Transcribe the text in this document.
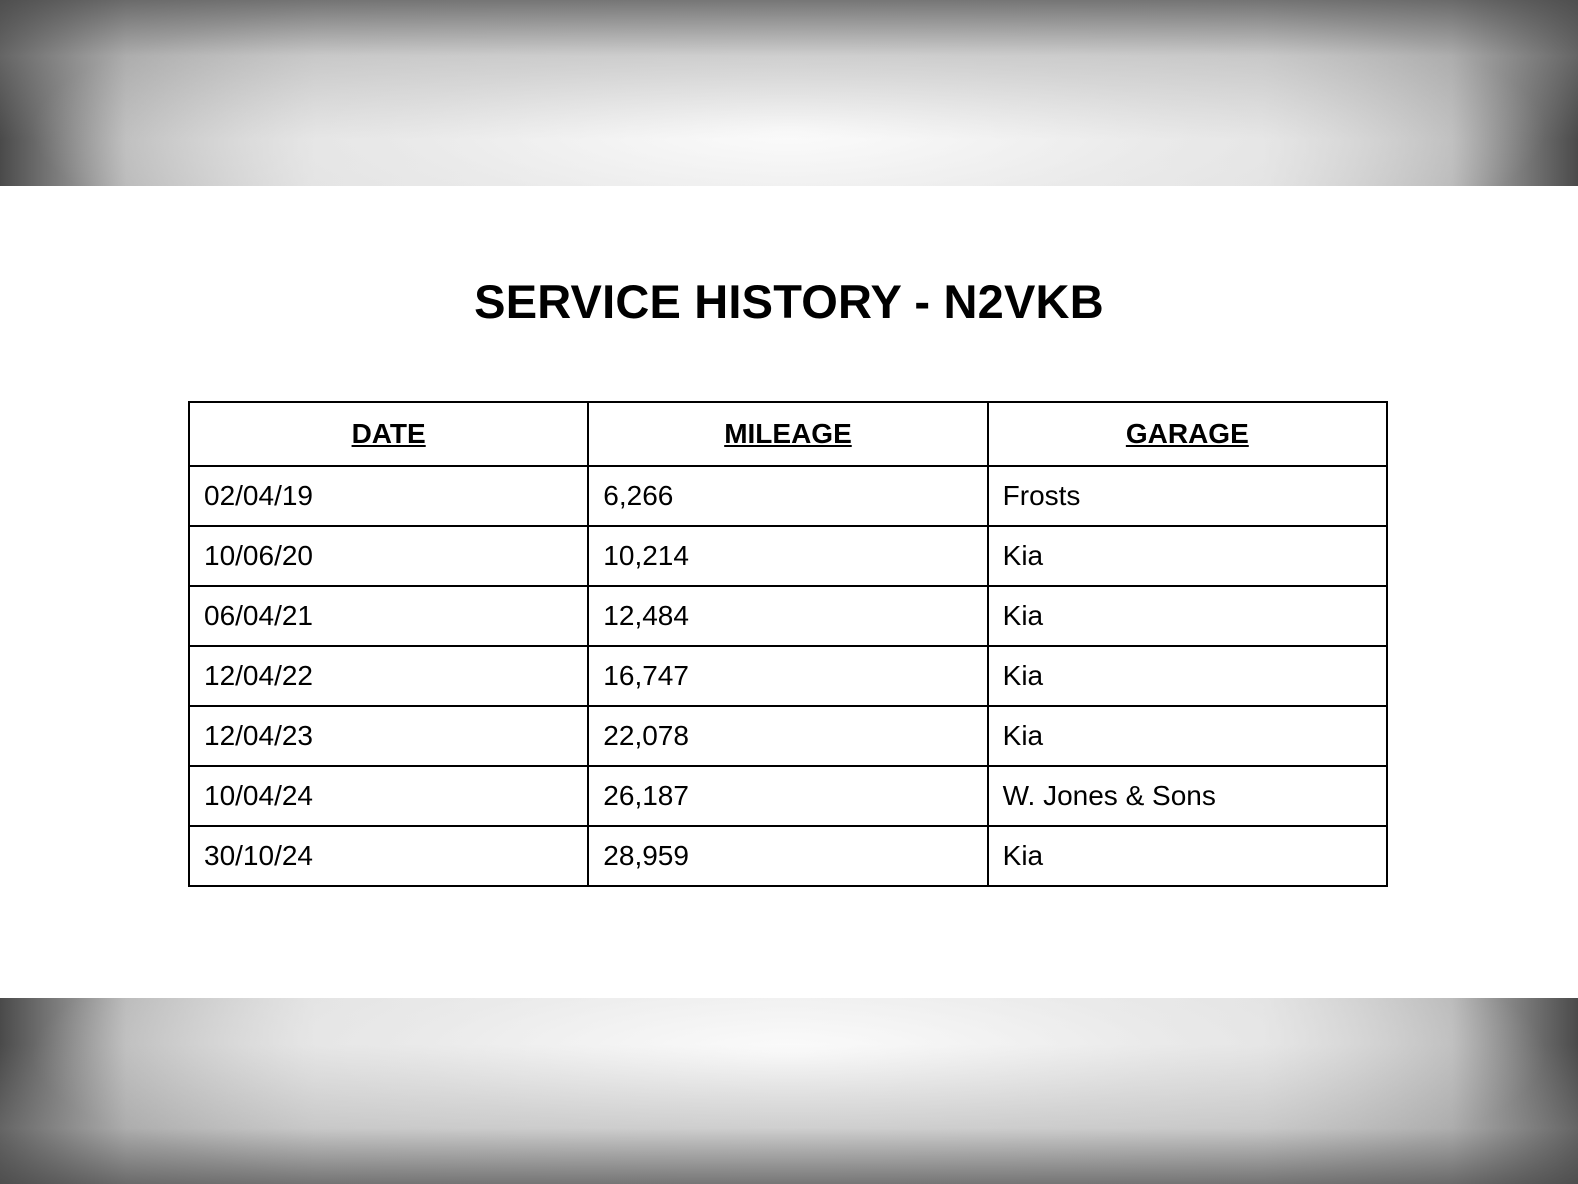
SERVICE HISTORY - N2VKB
DATE	MILEAGE	GARAGE
02/04/19	6,266	Frosts
10/06/20	10,214	Kia
06/04/21	12,484	Kia
12/04/22	16,747	Kia
12/04/23	22,078	Kia
10/04/24	26,187	W. Jones & Sons
30/10/24	28,959	Kia
